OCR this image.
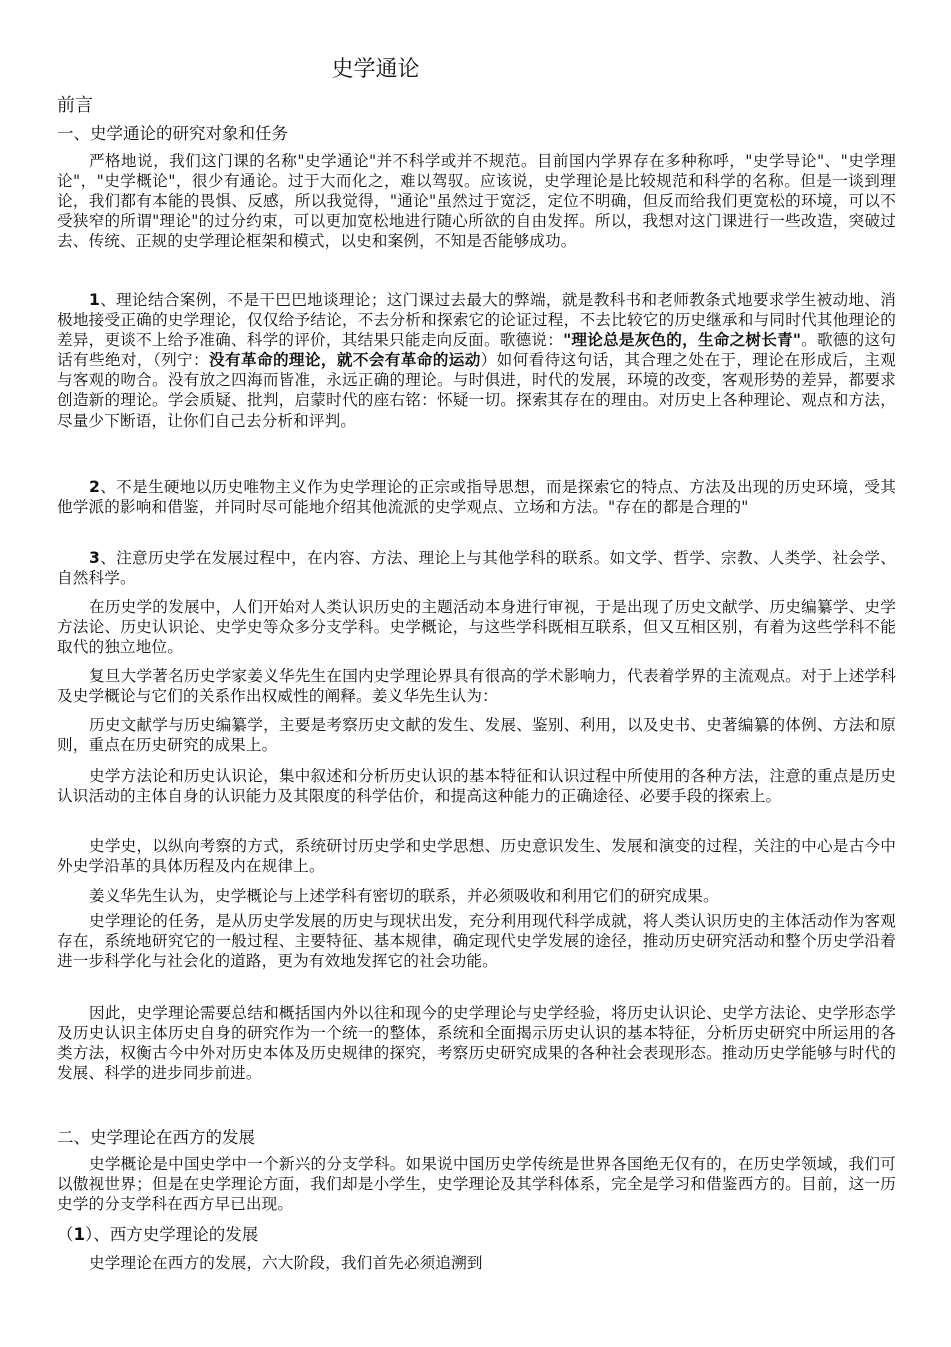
史学通论
前言
一、史学通论的研究对象和任务
严格地说，我们这门课的名称"史学通论"并不科学或并不规范。目前国内学界存在多种称呼，"史学导论"、"史学理论"，"史学概论"，很少有通论。过于大而化之，难以驾驭。应该说，史学理论是比较规范和科学的名称。但是一谈到理论，我们都有本能的畏惧、反感，所以我觉得，"通论"虽然过于宽泛，定位不明确，但反而给我们更宽松的环境，可以不受狭窄的所谓"理论"的过分约束，可以更加宽松地进行随心所欲的自由发挥。所以，我想对这门课进行一些改造，突破过去、传统、正规的史学理论框架和模式，以史和案例，不知是否能够成功。
1、理论结合案例，不是干巴巴地谈理论；这门课过去最大的弊端，就是教科书和老师教条式地要求学生被动地、消极地接受正确的史学理论，仅仅给予结论，不去分析和探索它的论证过程，不去比较它的历史继承和与同时代其他理论的差异，更谈不上给予准确、科学的评价，其结果只能走向反面。歌德说："理论总是灰色的，生命之树长青"。歌德的这句话有些绝对，（列宁：没有革命的理论，就不会有革命的运动）如何看待这句话，其合理之处在于，理论在形成后，主观与客观的吻合。没有放之四海而皆准，永远正确的理论。与时俱进，时代的发展，环境的改变，客观形势的差异，都要求创造新的理论。学会质疑、批判，启蒙时代的座右铭：怀疑一切。探索其存在的理由。对历史上各种理论、观点和方法，尽量少下断语，让你们自己去分析和评判。
2、不是生硬地以历史唯物主义作为史学理论的正宗或指导思想，而是探索它的特点、方法及出现的历史环境，受其他学派的影响和借鉴，并同时尽可能地介绍其他流派的史学观点、立场和方法。"存在的都是合理的"
3、注意历史学在发展过程中，在内容、方法、理论上与其他学科的联系。如文学、哲学、宗教、人类学、社会学、自然科学。
在历史学的发展中，人们开始对人类认识历史的主题活动本身进行审视，于是出现了历史文献学、历史编纂学、史学方法论、历史认识论、史学史等众多分支学科。史学概论，与这些学科既相互联系，但又互相区别，有着为这些学科不能取代的独立地位。
复旦大学著名历史学家姜义华先生在国内史学理论界具有很高的学术影响力，代表着学界的主流观点。对于上述学科及史学概论与它们的关系作出权威性的阐释。姜义华先生认为：
历史文献学与历史编纂学，主要是考察历史文献的发生、发展、鉴别、利用，以及史书、史著编纂的体例、方法和原则，重点在历史研究的成果上。
史学方法论和历史认识论，集中叙述和分析历史认识的基本特征和认识过程中所使用的各种方法，注意的重点是历史认识活动的主体自身的认识能力及其限度的科学估价，和提高这种能力的正确途径、必要手段的探索上。
史学史，以纵向考察的方式，系统研讨历史学和史学思想、历史意识发生、发展和演变的过程，关注的中心是古今中外史学沿革的具体历程及内在规律上。
姜义华先生认为，史学概论与上述学科有密切的联系，并必须吸收和利用它们的研究成果。
史学理论的任务，是从历史学发展的历史与现状出发，充分利用现代科学成就，将人类认识历史的主体活动作为客观存在，系统地研究它的一般过程、主要特征、基本规律，确定现代史学发展的途径，推动历史研究活动和整个历史学沿着进一步科学化与社会化的道路，更为有效地发挥它的社会功能。
因此，史学理论需要总结和概括国内外以往和现今的史学理论与史学经验，将历史认识论、史学方法论、史学形态学及历史认识主体历史自身的研究作为一个统一的整体，系统和全面揭示历史认识的基本特征，分析历史研究中所运用的各类方法，权衡古今中外对历史本体及历史规律的探究，考察历史研究成果的各种社会表现形态。推动历史学能够与时代的发展、科学的进步同步前进。
二、史学理论在西方的发展
史学概论是中国史学中一个新兴的分支学科。如果说中国历史学传统是世界各国绝无仅有的，在历史学领域，我们可以傲视世界；但是在史学理论方面，我们却是小学生，史学理论及其学科体系，完全是学习和借鉴西方的。目前，这一历史学的分支学科在西方早已出现。
（1）、西方史学理论的发展
史学理论在西方的发展，六大阶段，我们首先必须追溯到
